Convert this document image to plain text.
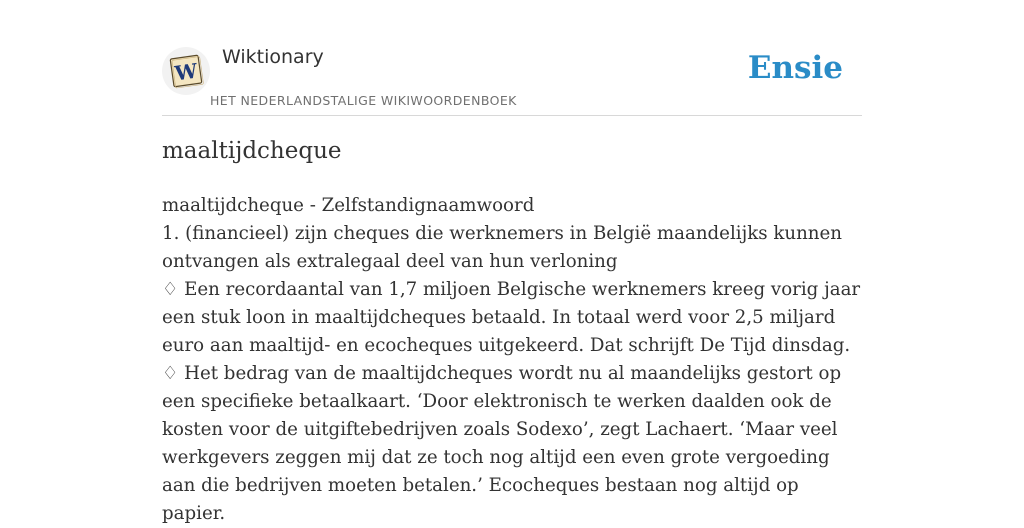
W
Wiktionary
HET NEDERLANDSTALIGE WIKIWOORDENBOEK
Ensie
maaltijdcheque

maaltijdcheque - Zelfstandignaamwoord

1. (financieel) zijn cheques die werknemers in België maandelijks kunnen ontvangen als extralegaal deel van hun verloning

♢ Een recordaantal van 1,7 miljoen Belgische werknemers kreeg vorig jaar een stuk loon in maaltijdcheques betaald. In totaal werd voor 2,5 miljard euro aan maaltijd- en ecocheques uitgekeerd. Dat schrijft De Tijd dinsdag.

♢ Het bedrag van de maaltijdcheques wordt nu al maandelijks gestort op een specifieke betaalkaart. ‘Door elektronisch te werken daalden ook de kosten voor de uitgiftebedrijven zoals Sodexo’, zegt Lachaert. ‘Maar veel werkgevers zeggen mij dat ze toch nog altijd een even grote vergoeding aan die bedrijven moeten betalen.’ Ecocheques bestaan nog altijd op papier.
